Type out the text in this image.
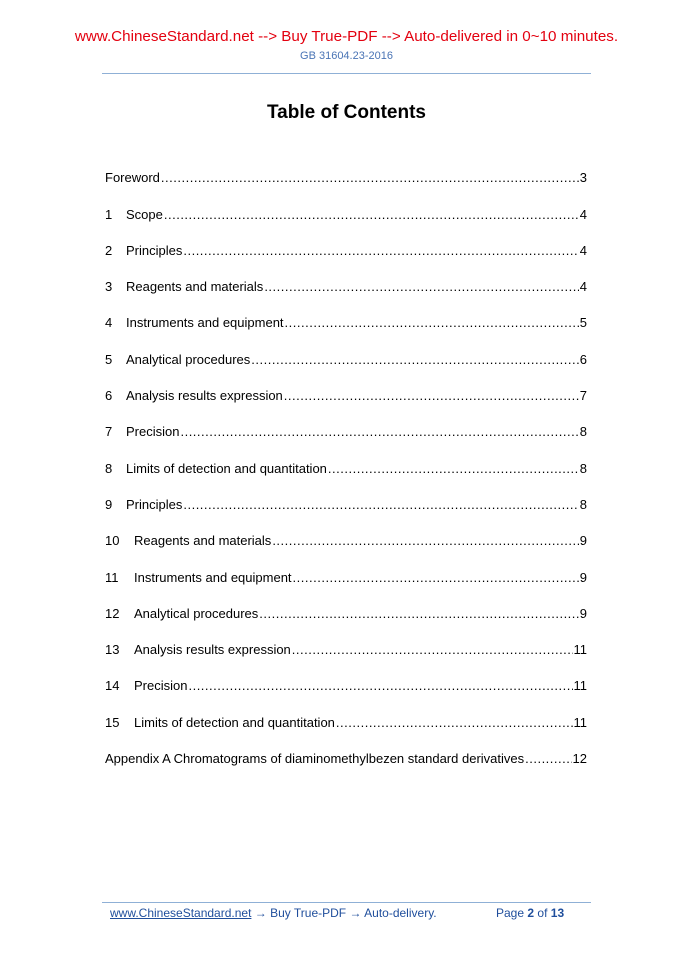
www.ChineseStandard.net --> Buy True-PDF --> Auto-delivered in 0~10 minutes.
GB 31604.23-2016
Table of Contents
Foreword .....	3
1	Scope .....	4
2	Principles .....	4
3	Reagents and materials .....	4
4	Instruments and equipment .....	5
5	Analytical procedures .....	6
6	Analysis results expression .....	7
7	Precision .....	8
8	Limits of detection and quantitation .....	8
9	Principles .....	8
10	Reagents and materials .....	9
11	Instruments and equipment .....	9
12	Analytical procedures .....	9
13	Analysis results expression .....	11
14	Precision .....	11
15	Limits of detection and quantitation .....	11
Appendix A Chromatograms of diaminomethylbezen standard derivatives .....	12
www.ChineseStandard.net → Buy True-PDF → Auto-delivery.	Page 2 of 13
